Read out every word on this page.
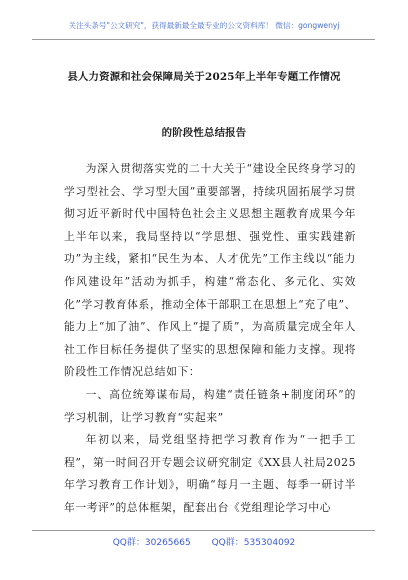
关注头条号"公文研究"，获得最新最全最专业的公文资料库！ 微信：gongwenyj
县人力资源和社会保障局关于2025年上半年专题工作情况
的阶段性总结报告

为深入贯彻落实党的二十大关于“建设全民终身学习的学习型社会、学习型大国”重要部署，持续巩固拓展学习贯彻习近平新时代中国特色社会主义思想主题教育成果今年上半年以来，我局坚持以“学思想、强党性、重实践建新功”为主线，紧扣“民生为本、人才优先”工作主线以“能力作风建设年”活动为抓手，构建“常态化、多元化、实效化”学习教育体系，推动全体干部职工在思想上“充了电”、能力上“加了油”、作风上“提了质”，为高质量完成全年人社工作目标任务提供了坚实的思想保障和能力支撑。现将阶段性工作情况总结如下：

一、高位统筹谋布局，构建“责任链条+制度闭环”的学习机制，让学习教育“实起来”

年初以来，局党组坚持把学习教育作为“一把手工程”，第一时间召开专题会议研究制定《XX县人社局2025年学习教育工作计划》，明确“每月一主题、每季一研讨半年一考评”的总体框架，配套出台《党组理论学习中心

QQ群：30265665 QQ群：535304092
